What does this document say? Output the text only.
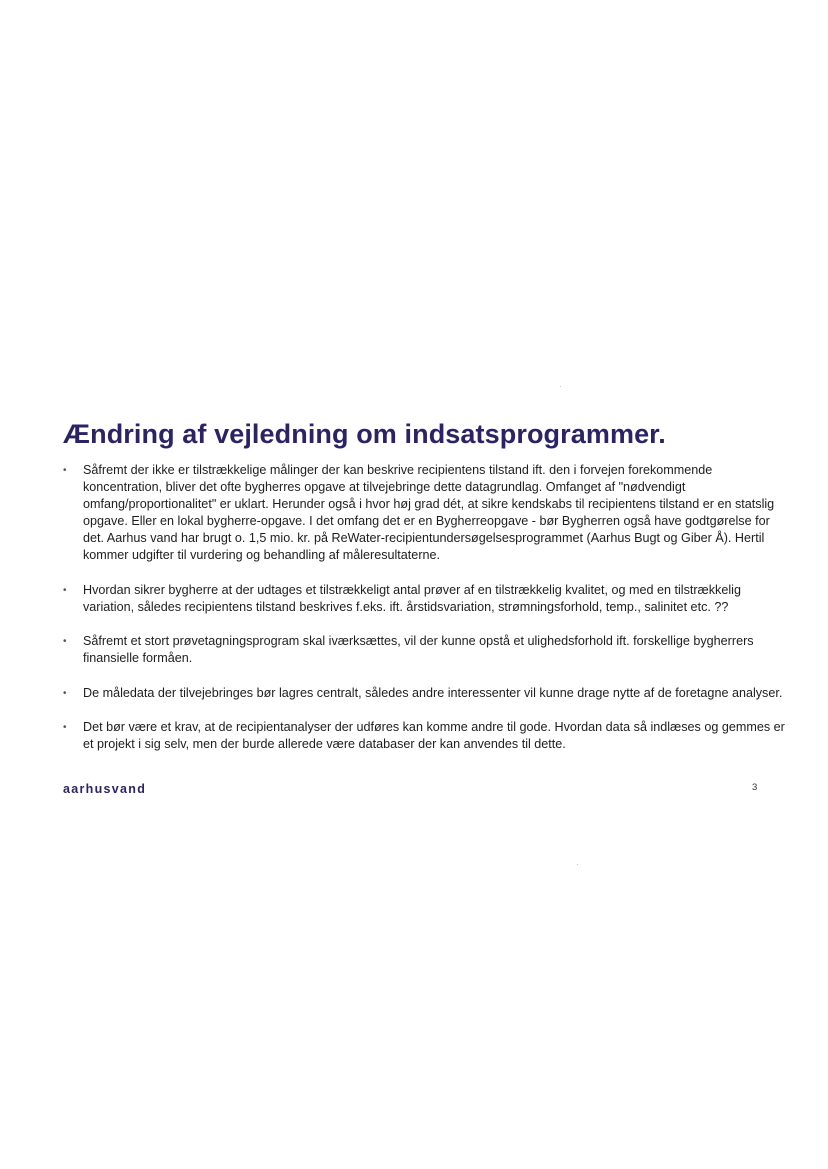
Ændring af vejledning om indsatsprogrammer.
•	Såfremt der ikke er tilstrækkelige målinger der kan beskrive recipientens tilstand ift. den i forvejen forekommende koncentration, bliver det ofte bygherres opgave at tilvejebringe dette datagrundlag. Omfanget af "nødvendigt omfang/proportionalitet" er uklart. Herunder også i hvor høj grad dét, at sikre kendskabs til recipientens tilstand er en statslig opgave. Eller en lokal bygherre-opgave. I det omfang det er en Bygherreopgave - bør Bygherren også have godtgørelse for det. Aarhus vand har brugt o. 1,5 mio. kr. på ReWater-recipientundersøgelsesprogrammet (Aarhus Bugt og Giber Å). Hertil kommer udgifter til vurdering og behandling af måleresultaterne.
•	Hvordan sikrer bygherre at der udtages et tilstrækkeligt antal prøver af en tilstrækkelig kvalitet, og med en tilstrækkelig variation, således recipientens tilstand beskrives f.eks. ift. årstidsvariation, strømningsforhold, temp., salinitet etc. ??
•	Såfremt et stort prøvetagningsprogram skal iværksættes, vil der kunne opstå et ulighedsforhold ift. forskellige bygherrers finansielle formåen.
•	De måledata der tilvejebringes bør lagres centralt, således andre interessenter vil kunne drage nytte af de foretagne analyser.
•	Det bør være et krav, at de recipientanalyser der udføres kan komme andre til gode. Hvordan data så indlæses og gemmes er et projekt i sig selv, men der burde allerede være databaser der kan anvendes til dette.
aarhusvand	3
